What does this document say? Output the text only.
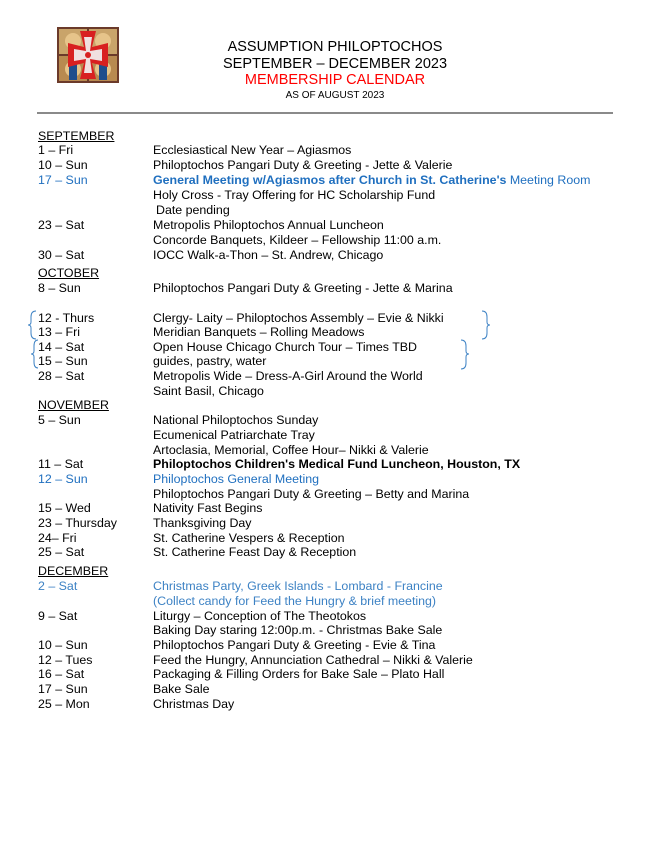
ASSUMPTION PHILOPTOCHOS
SEPTEMBER – DECEMBER 2023
MEMBERSHIP CALENDAR
AS OF AUGUST 2023
SEPTEMBER
1 – Fri	Ecclesiastical New Year – Agiasmos
10 – Sun	Philoptochos Pangari Duty & Greeting - Jette & Valerie
17 – Sun	General Meeting w/Agiasmos after Church in St. Catherine's Meeting Room
Holy Cross - Tray Offering for HC Scholarship Fund
Date pending
23 – Sat	Metropolis Philoptochos Annual Luncheon
Concorde Banquets, Kildeer – Fellowship 11:00 a.m.
30 – Sat	IOCC Walk-a-Thon – St. Andrew, Chicago
OCTOBER
8 – Sun	Philoptochos Pangari Duty & Greeting - Jette & Marina
12 - Thurs	Clergy- Laity – Philoptochos Assembly – Evie & Nikki
13 – Fri	Meridian Banquets – Rolling Meadows
14 – Sat	Open House Chicago Church Tour – Times TBD
15 – Sun	guides, pastry, water
28 – Sat	Metropolis Wide – Dress-A-Girl Around the World
Saint Basil, Chicago
NOVEMBER
5 – Sun	National Philoptochos Sunday
Ecumenical Patriarchate Tray
Artoclasia, Memorial, Coffee Hour– Nikki & Valerie
11 – Sat	Philoptochos Children's Medical Fund Luncheon, Houston, TX
12 – Sun	Philoptochos General Meeting
Philoptochos Pangari Duty & Greeting – Betty and Marina
15 – Wed	Nativity Fast Begins
23 – Thursday	Thanksgiving Day
24– Fri	St. Catherine Vespers & Reception
25 – Sat	St. Catherine Feast Day & Reception
DECEMBER
2 – Sat	Christmas Party, Greek Islands - Lombard - Francine
(Collect candy for Feed the Hungry & brief meeting)
9 – Sat	Liturgy – Conception of The Theotokos
Baking Day staring 12:00p.m. - Christmas Bake Sale
10 – Sun	Philoptochos Pangari Duty & Greeting - Evie & Tina
12 – Tues	Feed the Hungry, Annunciation Cathedral – Nikki & Valerie
16 – Sat	Packaging & Filling Orders for Bake Sale – Plato Hall
17 – Sun	Bake Sale
25 – Mon	Christmas Day
